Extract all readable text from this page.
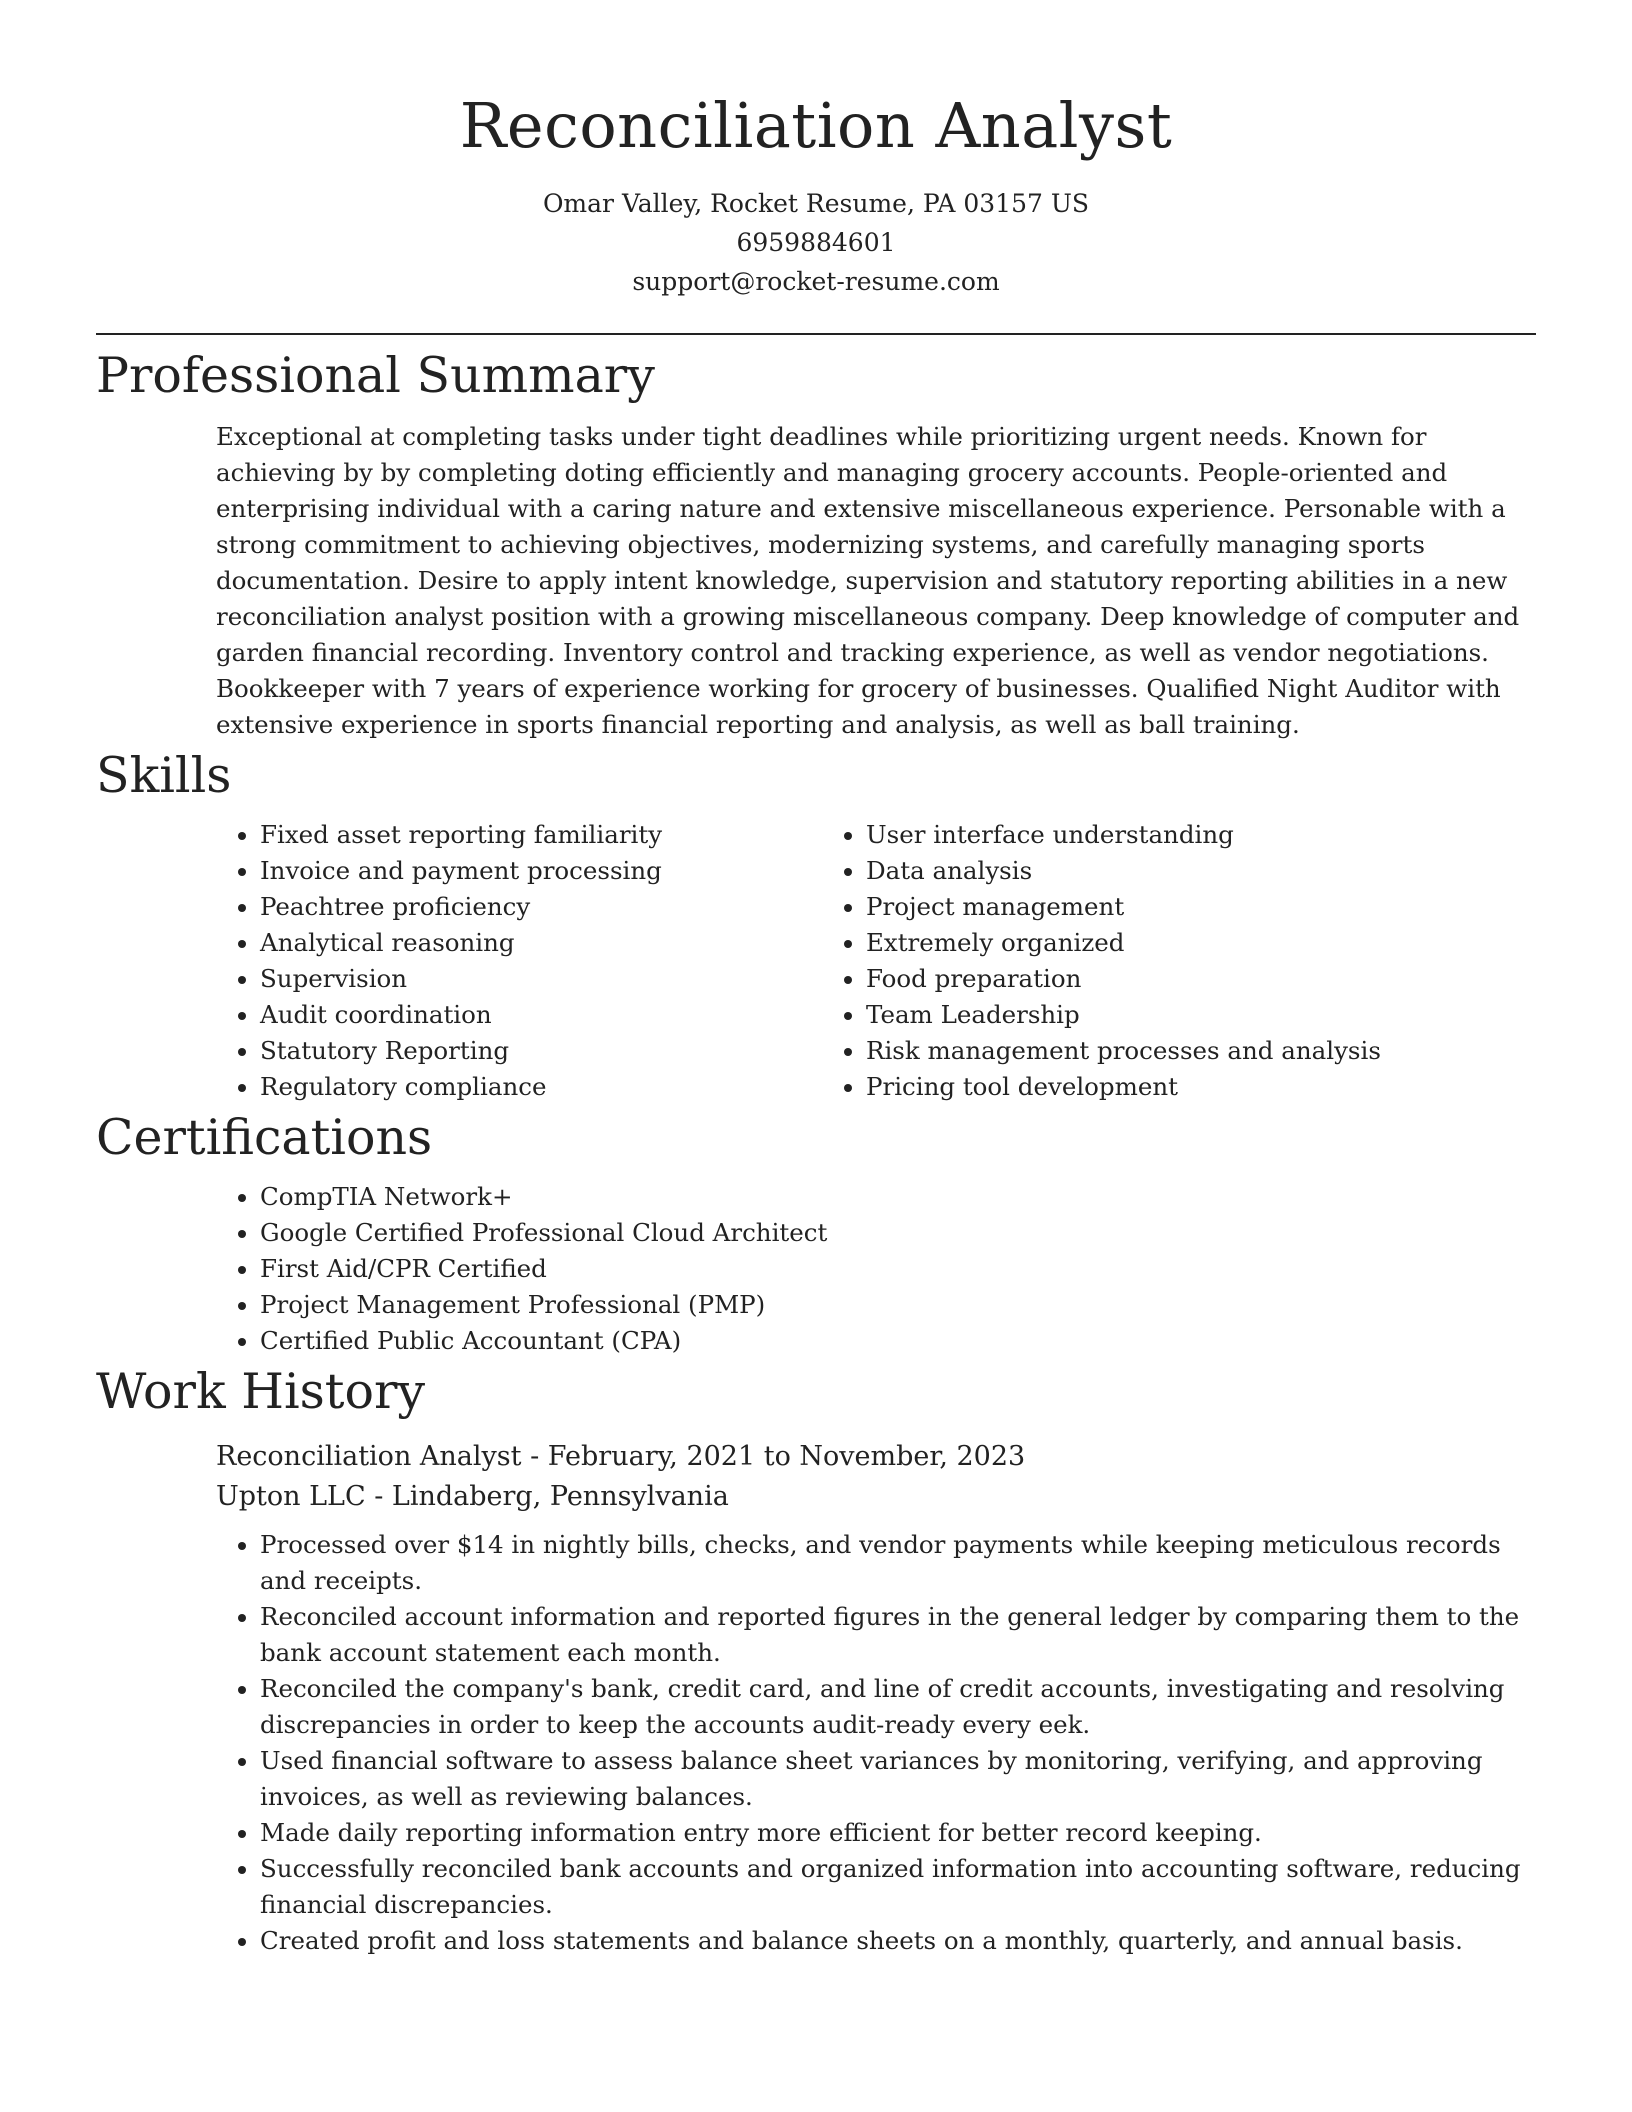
Reconciliation Analyst
Omar Valley, Rocket Resume, PA 03157 US
6959884601
support@rocket-resume.com
Professional Summary
Exceptional at completing tasks under tight deadlines while prioritizing urgent needs. Known for achieving by by completing doting efficiently and managing grocery accounts. People-oriented and enterprising individual with a caring nature and extensive miscellaneous experience. Personable with a strong commitment to achieving objectives, modernizing systems, and carefully managing sports documentation. Desire to apply intent knowledge, supervision and statutory reporting abilities in a new reconciliation analyst position with a growing miscellaneous company. Deep knowledge of computer and garden financial recording. Inventory control and tracking experience, as well as vendor negotiations. Bookkeeper with 7 years of experience working for grocery of businesses. Qualified Night Auditor with extensive experience in sports financial reporting and analysis, as well as ball training.
Skills
• Fixed asset reporting familiarity
• Invoice and payment processing
• Peachtree proficiency
• Analytical reasoning
• Supervision
• Audit coordination
• Statutory Reporting
• Regulatory compliance
• User interface understanding
• Data analysis
• Project management
• Extremely organized
• Food preparation
• Team Leadership
• Risk management processes and analysis
• Pricing tool development
Certifications
• CompTIA Network+
• Google Certified Professional Cloud Architect
• First Aid/CPR Certified
• Project Management Professional (PMP)
• Certified Public Accountant (CPA)
Work History
Reconciliation Analyst - February, 2021 to November, 2023
Upton LLC - Lindaberg, Pennsylvania
• Processed over $14 in nightly bills, checks, and vendor payments while keeping meticulous records and receipts.
• Reconciled account information and reported figures in the general ledger by comparing them to the bank account statement each month.
• Reconciled the company's bank, credit card, and line of credit accounts, investigating and resolving discrepancies in order to keep the accounts audit-ready every eek.
• Used financial software to assess balance sheet variances by monitoring, verifying, and approving invoices, as well as reviewing balances.
• Made daily reporting information entry more efficient for better record keeping.
• Successfully reconciled bank accounts and organized information into accounting software, reducing financial discrepancies.
• Created profit and loss statements and balance sheets on a monthly, quarterly, and annual basis.
